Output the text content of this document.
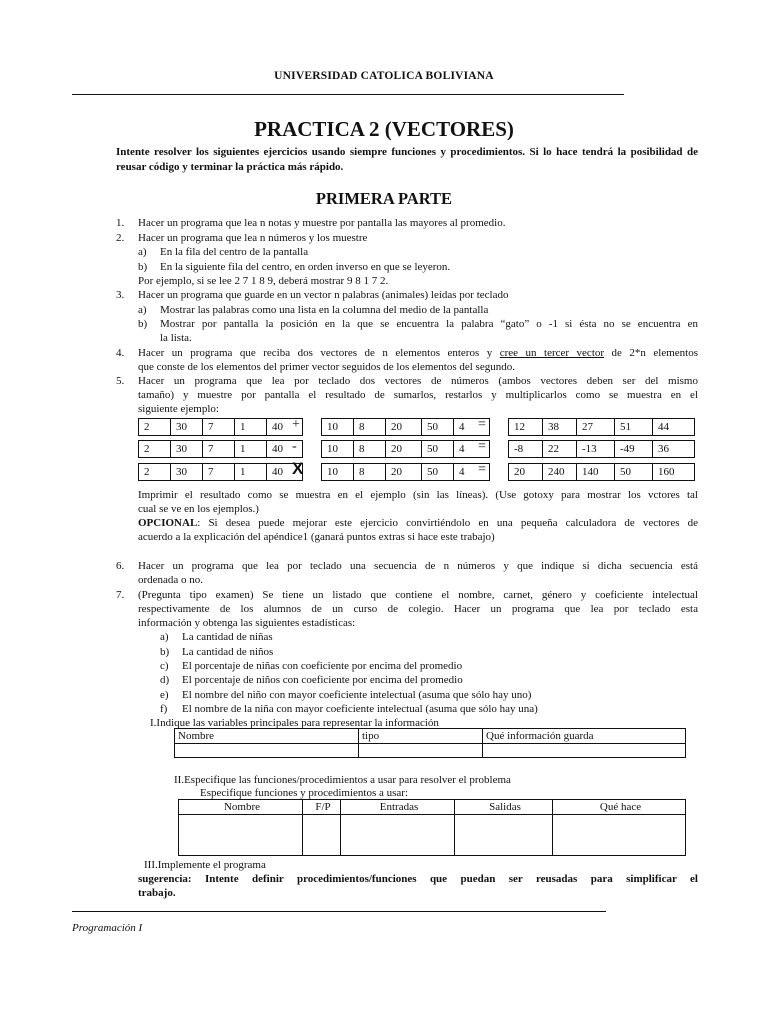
UNIVERSIDAD CATOLICA BOLIVIANA
PRACTICA 2 (VECTORES)
Intente resolver los siguientes ejercicios usando siempre funciones y procedimientos. Si lo hace tendrá la posibilidad de reusar código y terminar la práctica más rápido.
PRIMERA PARTE
1. Hacer un programa que lea n notas y muestre por pantalla las mayores al promedio.
2. Hacer un programa que lea n números y los muestre
a) En la fila del centro de la pantalla
b) En la siguiente fila del centro, en orden inverso en que se leyeron.
Por ejemplo, si se lee 2 7 1 8 9, deberá mostrar 9 8 1 7 2.
3. Hacer un programa que guarde en un vector n palabras (animales) leídas por teclado
a) Mostrar las palabras como una lista en la columna del medio de la pantalla
b) Mostrar por pantalla la posición en la que se encuentra la palabra “gato” o -1 si ésta no se encuentra en
la lista.
4. Hacer un programa que reciba dos vectores de n elementos enteros y cree un tercer vector de 2*n elementos
que conste de los elementos del primer vector seguidos de los elementos del segundo.
5. Hacer un programa que lea por teclado dos vectores de números (ambos vectores deben ser del mismo
tamaño) y muestre por pantalla el resultado de sumarlos, restarlos y multiplicarlos como se muestra en el
siguiente ejemplo:
2	30	7	1	40 + 10	8	20	50	4 =	12	38	27	51	44
2	30	7	1	40 -	10	8	20	50	4 =	-8	22	-13	-49	36
2	30	7	1	40 X 10	8	20	50	4 =	20	240	140	50	160
Imprimir el resultado como se muestra en el ejemplo (sin las líneas). (Use gotoxy para mostrar los vctores tal
cual se ve en los ejemplos.)
OPCIONAL: Si desea puede mejorar este ejercicio convirtiéndolo en una pequeña calculadora de vectores de
acuerdo a la explicación del apéndice1 (ganará puntos extras si hace este trabajo)
6. Hacer un programa que lea por teclado una secuencia de n números y que indique si dicha secuencia está
ordenada o no.
7. (Pregunta tipo examen) Se tiene un listado que contiene el nombre, carnet, género y coeficiente intelectual
respectivamente de los alumnos de un curso de colegio. Hacer un programa que lea por teclado esta
información y obtenga las siguientes estadísticas:
a) La cantidad de niñas
b) La cantidad de niños
c) El porcentaje de niñas con coeficiente por encima del promedio
d) El porcentaje de niños con coeficiente por encima del promedio
e) El nombre del niño con mayor coeficiente intelectual (asuma que sólo hay uno)
f) El nombre de la niña con mayor coeficiente intelectual (asuma que sólo hay una)
I.Indique las variables principales para representar la información
Nombre	tipo	Qué información guarda

II.Especifique las funciones/procedimientos a usar para resolver el problema
Especifique funciones y procedimientos a usar:
Nombre	F/P	Entradas	Salidas	Qué hace

III.Implemente el programa
sugerencia: Intente definir procedimientos/funciones que puedan ser reusadas para simplificar el
trabajo.
Programación I
